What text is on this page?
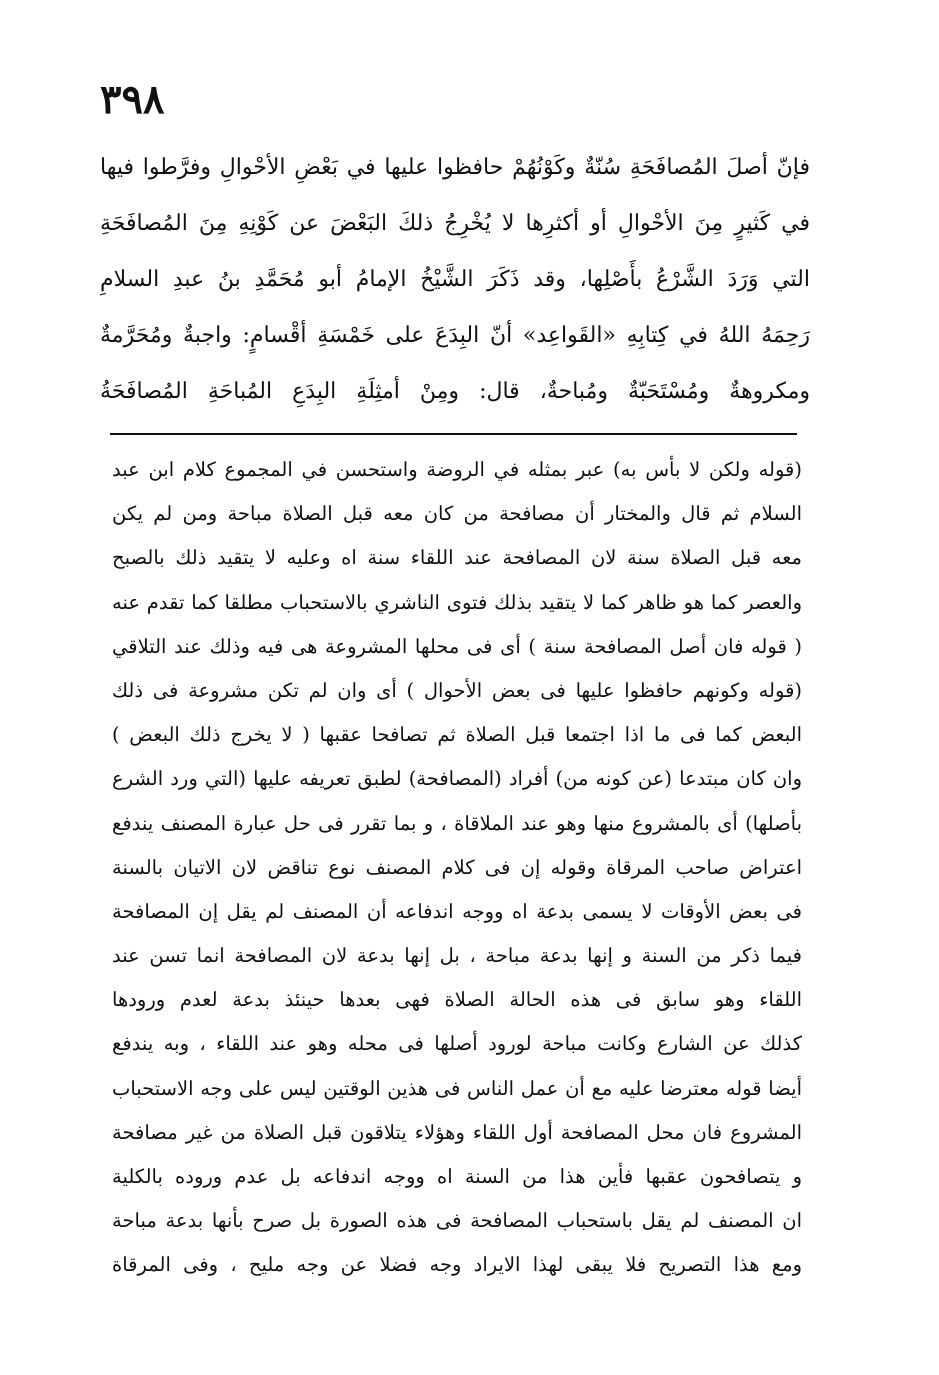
٣٩٨
فإنّ أصلَ المُصافَحَةِ سُنّةٌ وكَوْنُهُمْ حافظوا عليها في بَعْضِ الأحْوالِ وفرَّطوا فيها
في كَثيرٍ مِنَ الأحْوالِ أو أكثرِها لا يُخْرِجُ ذلكَ البَعْضَ عن كَوْنِهِ مِنَ المُصافَحَةِ
التي وَرَدَ الشَّرْعُ بأَصْلِها، وقد ذَكَرَ الشَّيْخُ الإمامُ أبو مُحَمَّدِ بنُ عبدِ السلامِ
رَحِمَهُ اللهُ في كِتابِهِ «القَواعِد» أنّ البِدَعَ على خَمْسَةِ أقْسامٍ: واجبةٌ ومُحَرَّمةٌ
ومكروهةٌ ومُسْتَحَبّةٌ ومُباحةٌ، قال: ومِنْ أمثِلَةِ البِدَعِ المُباحَةِ المُصافَحَةُ
(قوله ولكن لا بأس به) عبر بمثله في الروضة واستحسن في المجموع كلام ابن عبد
السلام ثم قال والمختار أن مصافحة من كان معه قبل الصلاة مباحة ومن لم يكن
معه قبل الصلاة سنة لان المصافحة عند اللقاء سنة اه وعليه لا يتقيد ذلك بالصبح
والعصر كما هو ظاهر كما لا يتقيد بذلك فتوى الناشري بالاستحباب مطلقا كما تقدم عنه
( قوله فان أصل المصافحة سنة ) أى فى محلها المشروعة هى فيه وذلك عند التلاقي
(قوله وكونهم حافظوا عليها فى بعض الأحوال ) أى وان لم تكن مشروعة فى ذلك
البعض كما فى ما اذا اجتمعا قبل الصلاة ثم تصافحا عقبها ( لا يخرج ذلك البعض )
وان كان مبتدعا (عن كونه من) أفراد (المصافحة) لطبق تعريفه عليها (التي ورد الشرع
بأصلها) أى بالمشروع منها وهو عند الملاقاة ، و بما تقرر فى حل عبارة المصنف يندفع
اعتراض صاحب المرقاة وقوله إن فى كلام المصنف نوع تناقض لان الاتيان بالسنة
فى بعض الأوقات لا يسمى بدعة اه ووجه اندفاعه أن المصنف لم يقل إن المصافحة
فيما ذكر من السنة و إنها بدعة مباحة ، بل إنها بدعة لان المصافحة انما تسن عند
اللقاء وهو سابق فى هذه الحالة الصلاة فهى بعدها حينئذ بدعة لعدم ورودها
كذلك عن الشارع وكانت مباحة لورود أصلها فى محله وهو عند اللقاء ، وبه يندفع
أيضا قوله معترضا عليه مع أن عمل الناس فى هذين الوقتين ليس على وجه الاستحباب
المشروع فان محل المصافحة أول اللقاء وهؤلاء يتلاقون قبل الصلاة من غير مصافحة
و يتصافحون عقبها فأين هذا من السنة اه ووجه اندفاعه بل عدم وروده بالكلية
ان المصنف لم يقل باستحباب المصافحة فى هذه الصورة بل صرح بأنها بدعة مباحة
ومع هذا التصريح فلا يبقى لهذا الايراد وجه فضلا عن وجه مليح ، وفى المرقاة
